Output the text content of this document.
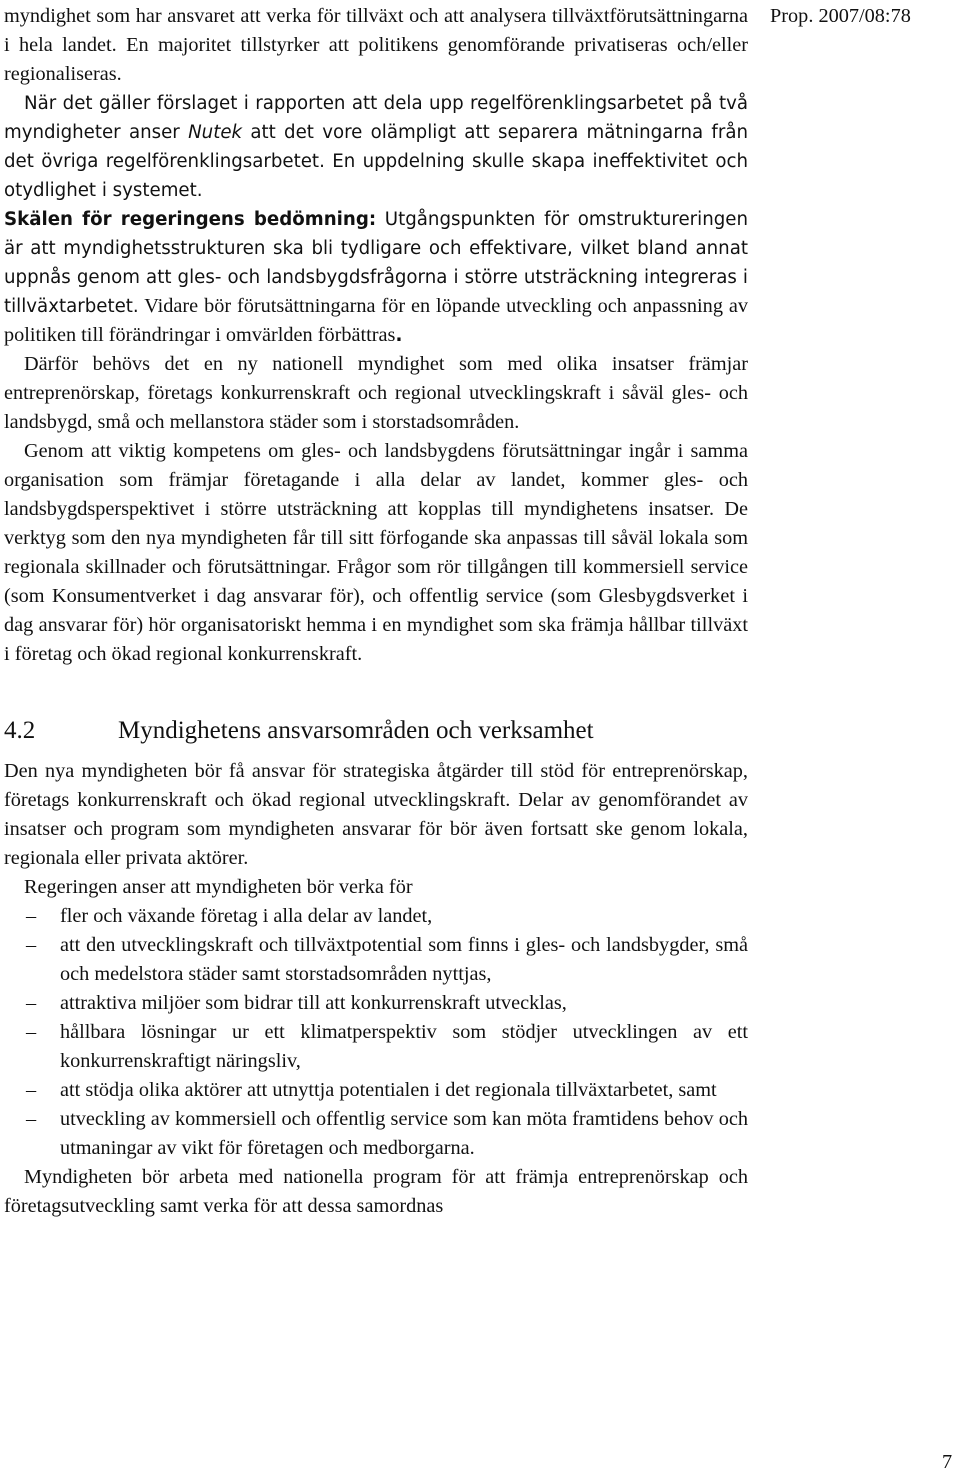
Prop. 2007/08:78

myndighet som har ansvaret att verka för tillväxt och att analysera tillväxtförutsättningarna i hela landet. En majoritet tillstyrker att politikens genomförande privatiseras och/eller regionaliseras.

När det gäller förslaget i rapporten att dela upp regelförenklingsarbetet på två myndigheter anser Nutek att det vore olämpligt att separera mätningarna från det övriga regelförenklingsarbetet. En uppdelning skulle skapa ineffektivitet och otydlighet i systemet.

Skälen för regeringens bedömning: Utgångspunkten för omstruktureringen är att myndighetsstrukturen ska bli tydligare och effektivare, vilket bland annat uppnås genom att gles- och landsbygdsfrågorna i större utsträckning integreras i tillväxtarbetet. Vidare bör förutsättningarna för en löpande utveckling och anpassning av politiken till förändringar i omvärlden förbättras.

Därför behövs det en ny nationell myndighet som med olika insatser främjar entreprenörskap, företags konkurrenskraft och regional utvecklingskraft i såväl gles- och landsbygd, små och mellanstora städer som i storstadsområden.

Genom att viktig kompetens om gles- och landsbygdens förutsättningar ingår i samma organisation som främjar företagande i alla delar av landet, kommer gles- och landsbygdsperspektivet i större utsträckning att kopplas till myndighetens insatser. De verktyg som den nya myndigheten får till sitt förfogande ska anpassas till såväl lokala som regionala skillnader och förutsättningar. Frågor som rör tillgången till kommersiell service (som Konsumentverket i dag ansvarar för), och offentlig service (som Glesbygdsverket i dag ansvarar för) hör organisatoriskt hemma i en myndighet som ska främja hållbar tillväxt i företag och ökad regional konkurrenskraft.

4.2	Myndighetens ansvarsområden och verksamhet

Den nya myndigheten bör få ansvar för strategiska åtgärder till stöd för entreprenörskap, företags konkurrenskraft och ökad regional utvecklingskraft. Delar av genomförandet av insatser och program som myndigheten ansvarar för bör även fortsatt ske genom lokala, regionala eller privata aktörer.

Regeringen anser att myndigheten bör verka för

– fler och växande företag i alla delar av landet,
– att den utvecklingskraft och tillväxtpotential som finns i gles- och landsbygder, små och medelstora städer samt storstadsområden nyttjas,
– attraktiva miljöer som bidrar till att konkurrenskraft utvecklas,
– hållbara lösningar ur ett klimatperspektiv som stödjer utvecklingen av ett konkurrenskraftigt näringsliv,
– att stödja olika aktörer att utnyttja potentialen i det regionala tillväxtarbetet, samt
– utveckling av kommersiell och offentlig service som kan möta framtidens behov och utmaningar av vikt för företagen och medborgarna.

Myndigheten bör arbeta med nationella program för att främja entreprenörskap och företagsutveckling samt verka för att dessa samordnas

7
